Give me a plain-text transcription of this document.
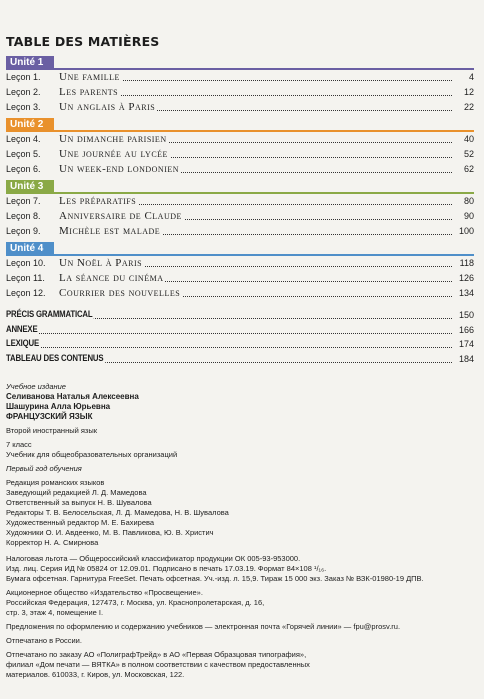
TABLE DES MATIÈRES
Unité 1
Leçon 1. Une famille	4
Leçon 2. Les parents	12
Leçon 3. Un anglais à Paris	22
Unité 2
Leçon 4. Un dimanche parisien	40
Leçon 5. Une journée au lycée	52
Leçon 6. Un week-end londonien	62
Unité 3
Leçon 7. Les préparatifs	80
Leçon 8. Anniversaire de Claude	90
Leçon 9. Michèle est malade	100
Unité 4
Leçon 10. Un Noël à Paris	118
Leçon 11. La séance du cinéma	126
Leçon 12. Courrier des nouvelles	134
PRÉCIS GRAMMATICAL	150
ANNEXE	166
LEXIQUE	174
TABLEAU DES CONTENUS	184
Учебное издание
Селиванова Наталья Алексеевна
Шашурина Алла Юрьевна
ФРАНЦУЗСКИЙ ЯЗЫК
Второй иностранный язык
7 класс
Учебник для общеобразовательных организаций
Первый год обучения
Редакция романских языков
Заведующий редакцией Л. Д. Мамедова
Ответственный за выпуск Н. В. Шувалова
Редакторы Т. В. Белосельская, Л. Д. Мамедова, Н. В. Шувалова
Художественный редактор М. Е. Бахирева
Художники О. И. Авдеенко, М. В. Павликова, Ю. В. Христич
Корректор Н. А. Смирнова
Налоговая льгота — Общероссийский классификатор продукции ОК 005-93-953000.
Изд. лиц. Серия ИД № 05824 от 12.09.01. Подписано в печать 17.03.19. Формат 84×108 ¹/₁₆.
Бумага офсетная. Гарнитура FreeSet. Печать офсетная. Уч.-изд. л. 15,9. Тираж 15 000 экз. Заказ № ВЗК-01980-19 ДПВ.
Акционерное общество «Издательство «Просвещение».
Российская Федерация, 127473, г. Москва, ул. Краснопролетарская, д. 16,
стр. 3, этаж 4, помещение I.
Предложения по оформлению и содержанию учебников — электронная почта «Горячей линии» — fpu@prosv.ru.
Отпечатано в России.
Отпечатано по заказу АО «ПолиграфТрейд» в АО «Первая Образцовая типография»,
филиал «Дом печати — ВЯТКА» в полном соответствии с качеством предоставленных
материалов. 610033, г. Киров, ул. Московская, 122.
